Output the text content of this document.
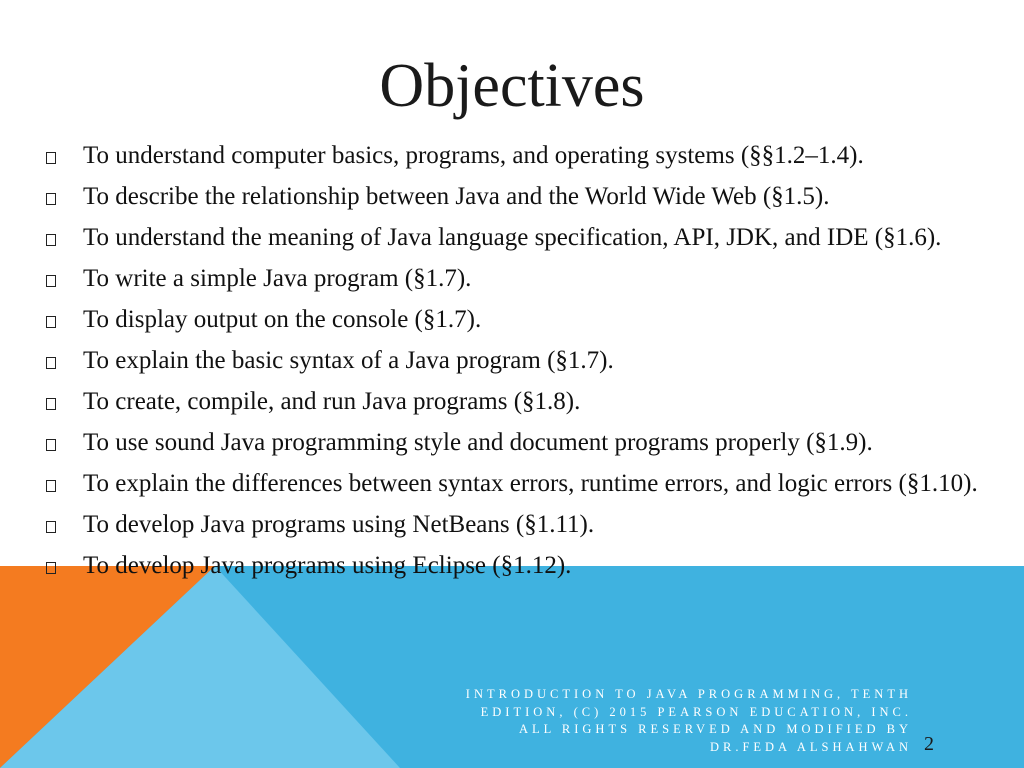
Objectives
To understand computer basics, programs, and operating systems (§§1.2–1.4).
To describe the relationship between Java and the World Wide Web (§1.5).
To understand the meaning of Java language specification, API, JDK, and IDE (§1.6).
To write a simple Java program (§1.7).
To display output on the console (§1.7).
To explain the basic syntax of a Java program (§1.7).
To create, compile, and run Java programs (§1.8).
To use sound Java programming style and document programs properly (§1.9).
To explain the differences between syntax errors, runtime errors, and logic errors (§1.10).
To develop Java programs using NetBeans (§1.11).
To develop Java programs using Eclipse (§1.12).
INTRODUCTION TO JAVA PROGRAMMING, TENTH EDITION, (C) 2015 PEARSON EDUCATION, INC. ALL RIGHTS RESERVED AND MODIFIED BY DR.FEDA ALSHAHWAN 2
